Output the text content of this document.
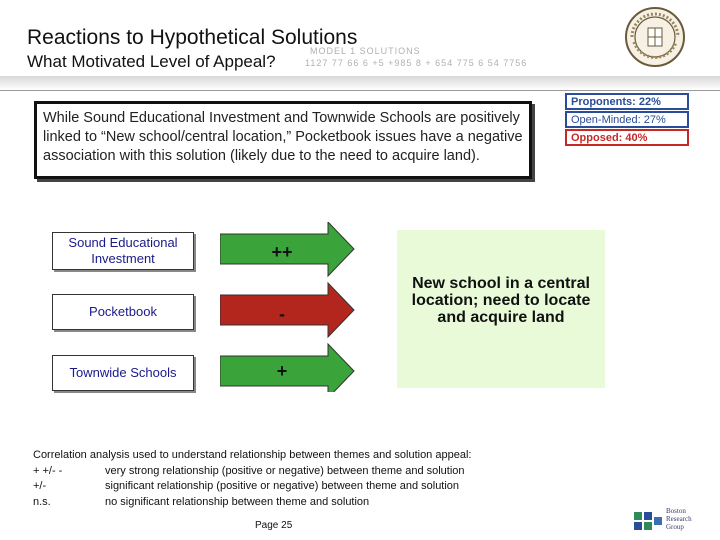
Reactions to Hypothetical Solutions
What Motivated Level of Appeal?
MODEL 1 SOLUTIONS
1127 77 66 6 +5 +985 8 + 654 775 6 54 7756
While Sound Educational Investment and Townwide Schools are positively linked to “New school/central location,” Pocketbook issues have a negative association with this solution (likely due to the need to acquire land).
Proponents: 22%
Open-Minded: 27%
Opposed: 40%
Sound Educational Investment
Pocketbook
Townwide Schools
++
-
+
New school in a central location; need to locate and acquire land
Correlation analysis used to understand relationship between themes and solution appeal:
+ +/- -	very strong relationship (positive or negative) between theme and solution
+/-	significant relationship (positive or negative) between theme and solution
n.s.	no significant relationship between theme and solution
Page 25
Boston Research Group
